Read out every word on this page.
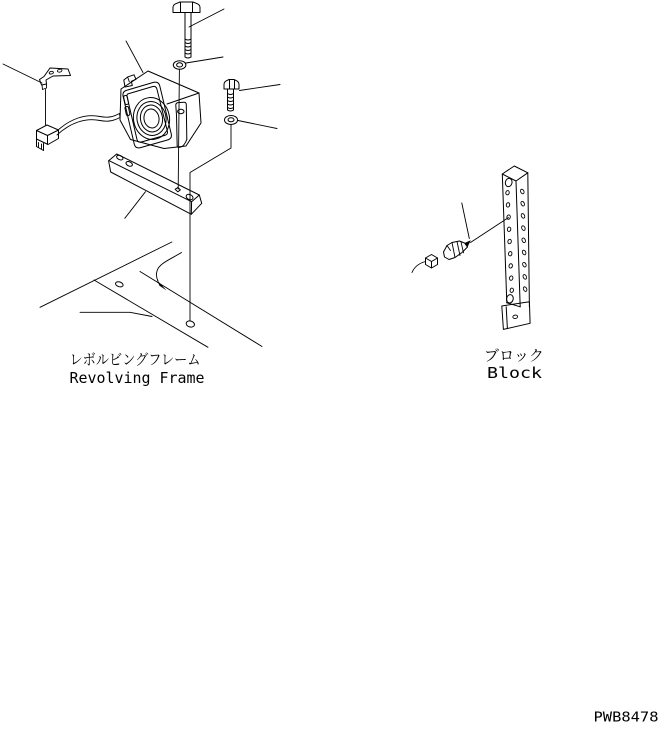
レボルビングフレーム
Revolving Frame
ブロック
Block
PWB8478
